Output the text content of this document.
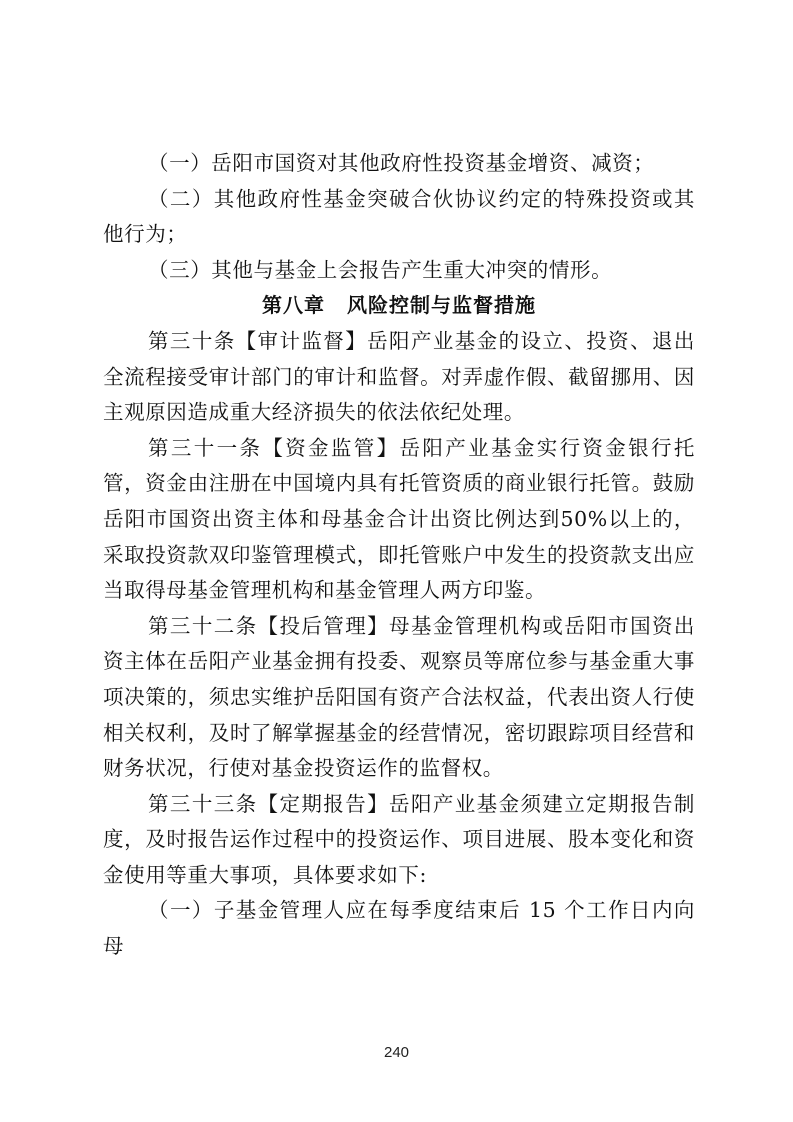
（一）岳阳市国资对其他政府性投资基金增资、减资；

（二）其他政府性基金突破合伙协议约定的特殊投资或其他行为；

（三）其他与基金上会报告产生重大冲突的情形。

第八章 风险控制与监督措施

第三十条【审计监督】岳阳产业基金的设立、投资、退出全流程接受审计部门的审计和监督。对弄虚作假、截留挪用、因主观原因造成重大经济损失的依法依纪处理。

第三十一条【资金监管】岳阳产业基金实行资金银行托管，资金由注册在中国境内具有托管资质的商业银行托管。鼓励岳阳市国资出资主体和母基金合计出资比例达到50%以上的，采取投资款双印鉴管理模式，即托管账户中发生的投资款支出应当取得母基金管理机构和基金管理人两方印鉴。

第三十二条【投后管理】母基金管理机构或岳阳市国资出资主体在岳阳产业基金拥有投委、观察员等席位参与基金重大事项决策的，须忠实维护岳阳国有资产合法权益，代表出资人行使相关权利，及时了解掌握基金的经营情况，密切跟踪项目经营和财务状况，行使对基金投资运作的监督权。

第三十三条【定期报告】岳阳产业基金须建立定期报告制度，及时报告运作过程中的投资运作、项目进展、股本变化和资金使用等重大事项，具体要求如下:

（一）子基金管理人应在每季度结束后 15 个工作日内向母

240
